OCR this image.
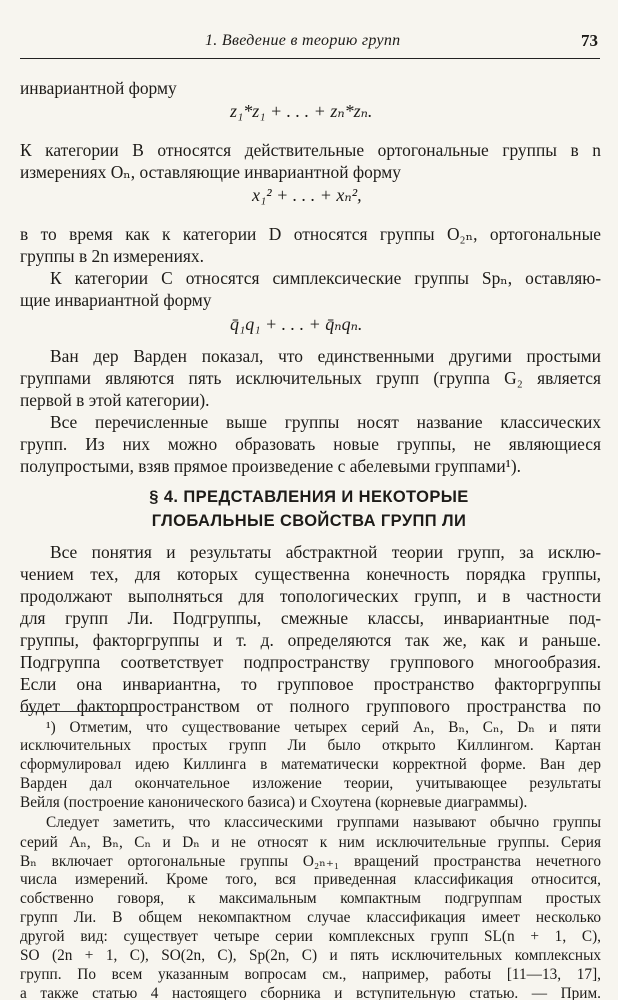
1. Введение в теорию групп	73
инвариантной форму
z₁*z₁ + . . . + zₙ*zₙ.
К категории B относятся действительные ортогональные группы в n
измерениях Oₙ, оставляющие инвариантной форму
x₁² + . . . + xₙ²,
в то время как к категории D относятся группы O₂ₙ, ортогональные
группы в 2n измерениях.
К категории C относятся симплексические группы Spₙ, оставляю-
щие инвариантной форму
q̄₁q₁ + . . . + q̄ₙqₙ.
Ван дер Варден показал, что единственными другими простыми
группами являются пять исключительных групп (группа G₂ является
первой в этой категории).
Все перечисленные выше группы носят название классических
групп. Из них можно образовать новые группы, не являющиеся
полупростыми, взяв прямое произведение с абелевыми группами¹).
§ 4. ПРЕДСТАВЛЕНИЯ И НЕКОТОРЫЕ
ГЛОБАЛЬНЫЕ СВОЙСТВА ГРУПП ЛИ
Все понятия и результаты абстрактной теории групп, за исклю-
чением тех, для которых существенна конечность порядка группы,
продолжают выполняться для топологических групп, и в частности
для групп Ли. Подгруппы, смежные классы, инвариантные под-
группы, факторгруппы и т. д. определяются так же, как и раньше.
Подгруппа соответствует подпространству группового многообразия.
Если она инвариантна, то групповое пространство факторгруппы
будет факторпространством от полного группового пространства по
¹) Отметим, что существование четырех серий Aₙ, Bₙ, Cₙ, Dₙ и пяти
исключительных простых групп Ли было открыто Киллингом. Картан
сформулировал идею Киллинга в математически корректной форме. Ван дер
Варден дал окончательное изложение теории, учитывающее результаты
Вейля (построение канонического базиса) и Схоутена (корневые диаграммы).
Следует заметить, что классическими группами называют обычно группы
серий Aₙ, Bₙ, Cₙ и Dₙ и не относят к ним исключительные группы. Серия
Bₙ включает ортогональные группы O₂ₙ₊₁ вращений пространства нечетного
числа измерений. Кроме того, вся приведенная классификация относится,
собственно говоря, к максимальным компактным подгруппам простых
групп Ли. В общем некомпактном случае классификация имеет несколько
другой вид: существует четыре серии комплексных групп SL(n + 1, C),
SO (2n + 1, C), SO(2n, C), Sp(2n, C) и пять исключительных комплексных
групп. По всем указанным вопросам см., например, работы [11—13, 17],
а также статью 4 настоящего сборника и вступительную статью. — Прим.
